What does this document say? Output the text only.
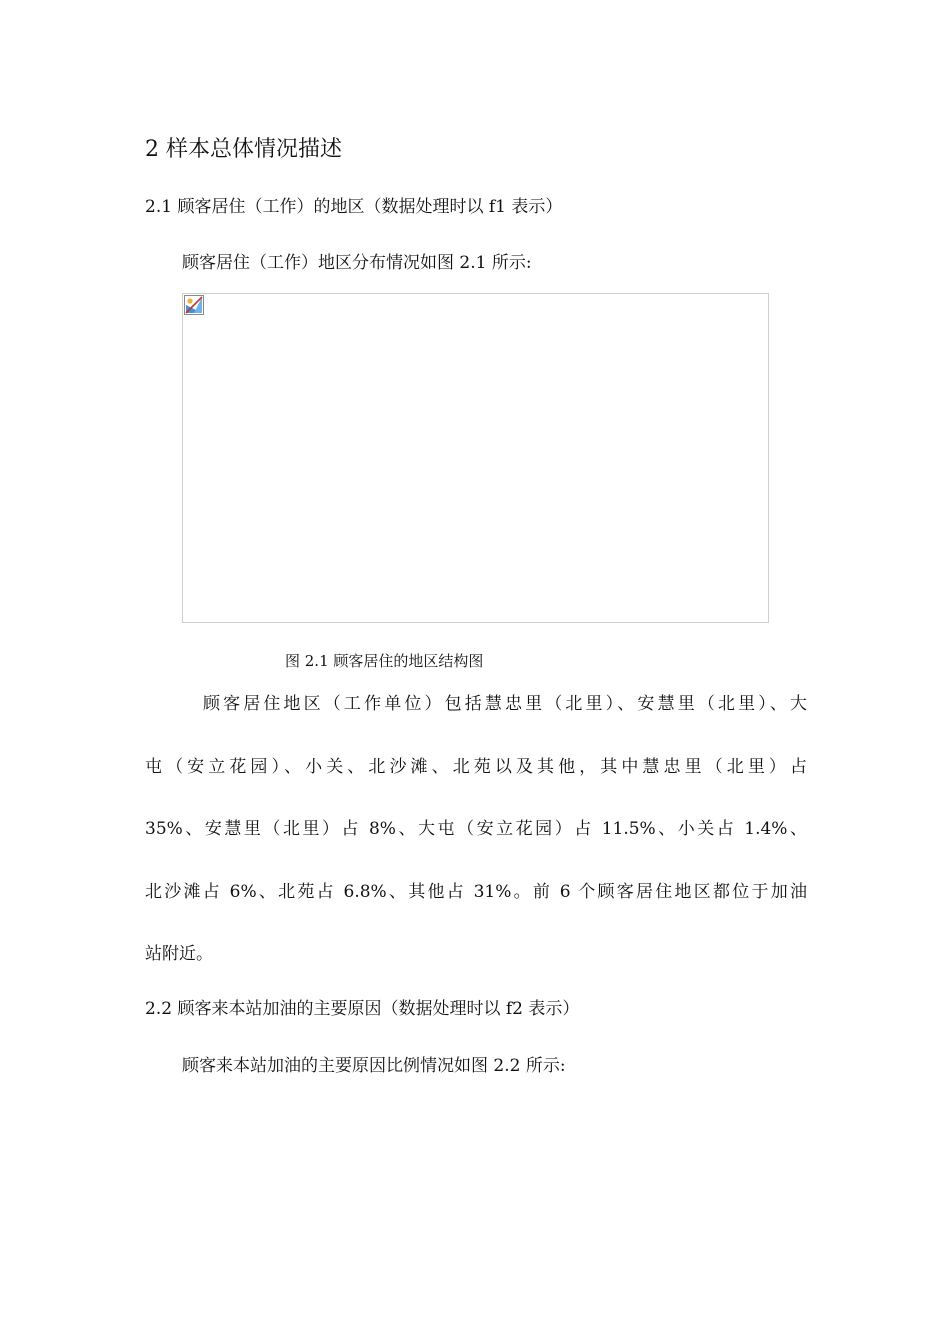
2 样本总体情况描述
2.1 顾客居住（工作）的地区（数据处理时以 f1 表示）
顾客居住（工作）地区分布情况如图 2.1 所示:
图 2.1 顾客居住的地区结构图
顾客居住地区（工作单位）包括慧忠里（北里）、安慧里（北里）、大
屯（安立花园）、小关、北沙滩、北苑以及其他，其中慧忠里（北里）占
35%、安慧里（北里）占 8%、大屯（安立花园）占 11.5%、小关占 1.4%、
北沙滩占 6%、北苑占 6.8%、其他占 31%。前 6 个顾客居住地区都位于加油
站附近。
2.2 顾客来本站加油的主要原因（数据处理时以 f2 表示）
顾客来本站加油的主要原因比例情况如图 2.2 所示:
